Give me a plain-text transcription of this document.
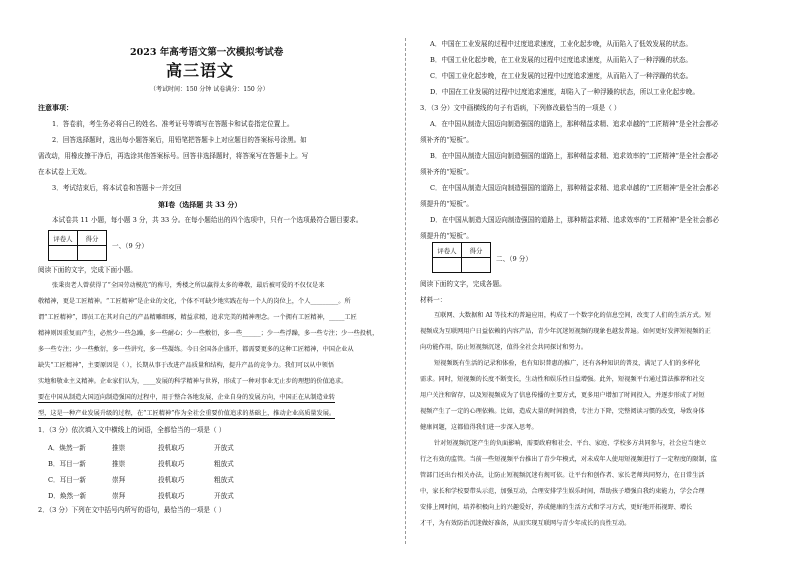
2023 年高考语文第一次模拟考试卷
高三语文
（考试时间：150 分钟 试卷满分：150 分）
注意事项：
1．答卷前，考生务必将自己的姓名、准考证号等填写在答题卡和试卷指定位置上。
2．回答选择题时，选出每小题答案后，用铅笔把答题卡上对应题目的答案标号涂黑。如
需改动，用橡皮擦干净后，再选涂其他答案标号。回答非选择题时，将答案写在答题卡上。写
在本试卷上无效。
3．考试结束后，将本试卷和答题卡一并交回
第Ⅰ卷（选择题 共 33 分）
本试卷共 11 小题，每小题 3 分，共 33 分。在每小题给出的四个选项中，只有一个选项最符合题目要求。
评卷人	得分

一、（9 分）
阅读下面的文字，完成下面小题。
张秉贵老人曾获得了“全国劳动模范”的称号，秀楼之所以赢得太多的尊敬，最后被可爱的不仅仅是来
敬精神，更是工匠精神。“工匠精神”是企业的文化，个体不可缺少地实践在每一个人的岗位上，个人_________。所
谓“工匠精神”，即员工在其对自己的产品精雕细琢，精益求精，追求完美的精神理念。一个拥有工匠精神，_____工匠
精神则因重复而产生，必然少一些急躁，多一些耐心；少一些敷衍，多一些______；少一些浮躁，多一些专注；少一些投机，
多一些专注；少一些敷衍，多一些讲究，多一些凝练。今日全国各企盛开，都需要更多的这种工匠精神，中国企业从
缺失“工匠精神”，主要原因是（ ），长期从事于改进产品质量和结构，提升产品的竞争力。我们可以从中领悟
实地和敬业主义精神。企业家们认为，____发展的科学精神与世界，形成了一种对事业无止步的理想的价值追求。
要在中国从制造大国迈向制造强国的过程中，用于整合各地发展，企业自身的发展方向，中国正在从制造业转
型，这是一种产业发展升级的过程，在“工匠精神”作为全社会重要价值追求的基础上，推动企业高质量发展。
1．（3 分）依次填入文中横线上的词语，全都恰当的一项是（ ）
A．焕然一新	推崇	投机取巧	开放式
B．耳目一新	推崇	投机取巧	粗放式
C．耳目一新	崇拜	投机取巧	粗放式
D．焕然一新	崇拜	投机取巧	开放式
2．（3 分）下列在文中括号内所写的语句，最恰当的一项是（ ）
A．中国在工业发展的过程中过度追求速度，工业化起步晚，从而陷入了低效发展的状态。
B．中国工业化起步晚，在工业发展的过程中过度追求速度，从而陷入了一种浮躁的状态。
C．中国工业化起步晚，在工业发展的过程中过度追求速度，从而陷入了一种浮躁的状态。
D．中国在工业发展的过程中过度追求速度，却陷入了一种浮躁的状态，所以工业化起步晚。
3．（3 分）文中画横线的句子有语病，下列修改最恰当的一项是（ ）
A．在中国从制造大国迈向制造强国的道路上，那种精益求精、追求卓越的“工匠精神”是全社会都必
须补齐的“短板”。
B．在中国从制造大国迈向制造强国的道路上，那种精益求精、追求效率的“工匠精神”是全社会都必
须补齐的“短板”。
C．在中国从制造大国迈向制造强国的道路上，那种精益求精、追求卓越的“工匠精神”是全社会都必
须提升的“短板”。
D．在中国从制造大国迈向制造强国的道路上，那种精益求精、追求效率的“工匠精神”是全社会都必
须提升的“短板”。
评卷人	得分

二、（9 分）
阅读下面的文字，完成各题。
材料一：
互联网、大数据和 AI 等技术的普遍应用，构成了一个数字化的信息空间，改变了人们的生活方式。短
视频成为互联网用户日益依赖的内容产品，青少年沉迷短视频的现象也越发普遍。如何更好发挥短视频的正
向功能作用，防止短视频沉迷，值得全社会共同探讨和努力。
短视频既有生活的记录和体验，也有知识普惠的推广，还有各种知识的普及，满足了人们的多样化
需求。同时，短视频的长度不断变长，生动性和娱乐性日益增强。此外，短视频平台通过算法推荐和社交
用户关注和留存，以及短视频成为了信息传播的主要方式，更多用户增加了时间投入，并逐步形成了对短
视频产生了一定的心理依赖。比如，造成大量的时间浪费，专注力下降，完整阅读习惯的改变，导致身体
健康问题，这都值得我们进一步深入思考。
针对短视频沉迷产生的负面影响，需要政府和社会、平台、家庭、学校多方共同参与，社会应当建立
行之有效的监管。当前一些短视频平台推出了青少年模式，对未成年人使用短视频进行了一定程度的限制，监
管部门还出台相关办法，让防止短视频沉迷有规可依。让平台和创作者、家长老师共同努力，在日常生活
中，家长和学校要带头示范，加强互动，合理安排学生娱乐时间，帮助孩子增强自我约束能力，学会合理
安排上网时间，培养积极向上的兴趣爱好，养成健康的生活方式和学习方式，更好地开拓视野、增长
才干，为有效防治沉迷做好准备，从而实现互联网与青少年成长的良性互动。
